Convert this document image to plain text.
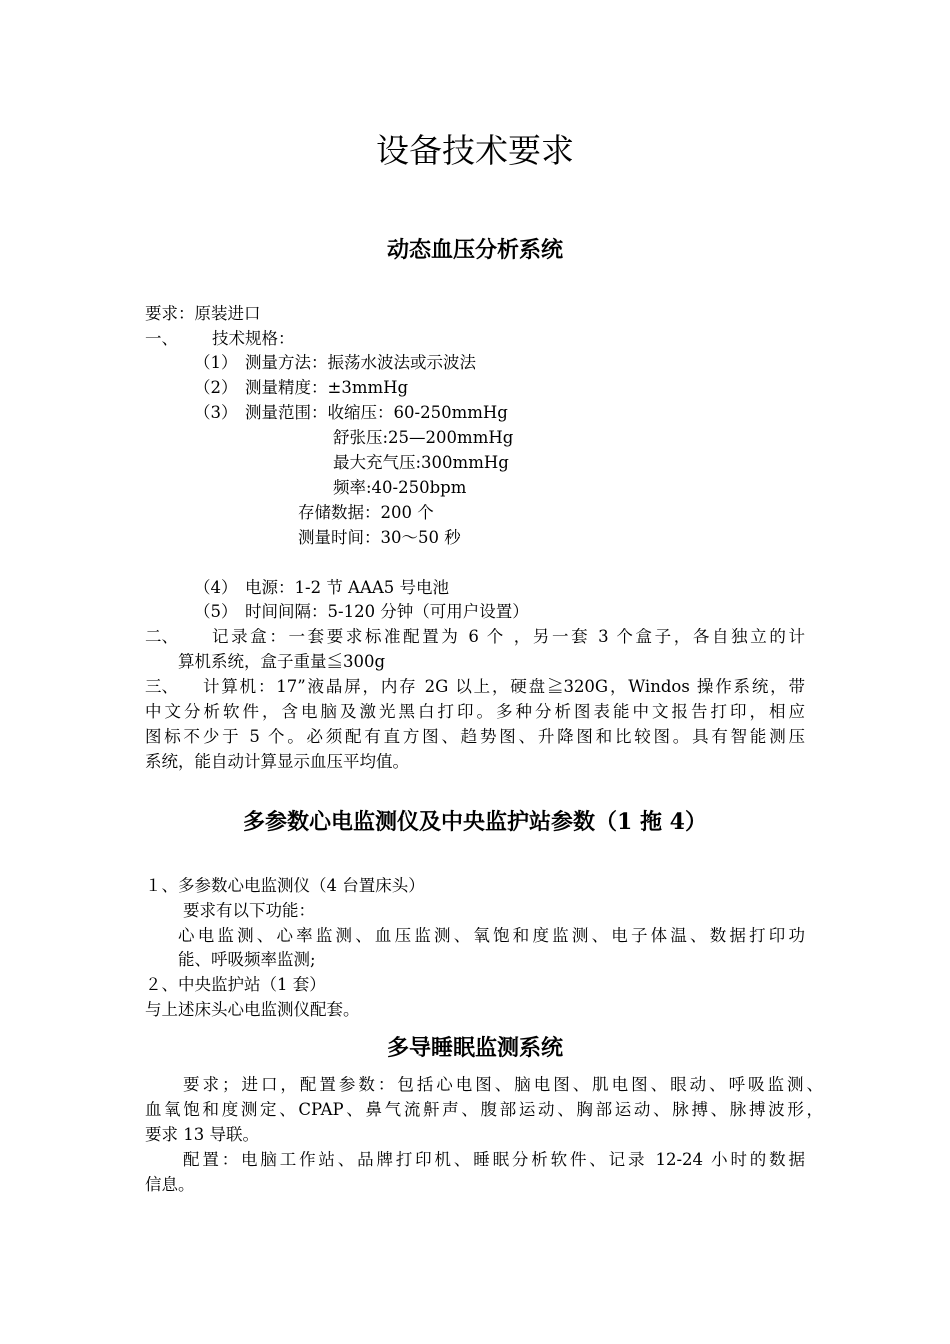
设备技术要求
动态血压分析系统
要求：原装进口
一、 技术规格：
（1） 测量方法：振荡水波法或示波法
（2） 测量精度：±3mmHg
（3） 测量范围：收缩压：60-250mmHg
舒张压:25—200mmHg
最大充气压:300mmHg
频率:40-250bpm
存储数据：200 个
测量时间：30～50 秒
（4） 电源：1-2 节 AAA5 号电池
（5） 时间间隔：5-120 分钟（可用户设置）
二、 记录盒：一套要求标准配置为 6 个 ，另一套 3 个盒子，各自独立的计
算机系统，盒子重量≦300g
三、 计算机：17”液晶屏，内存 2G 以上，硬盘≧320G，Windos 操作系统，带
中文分析软件，含电脑及激光黑白打印。多种分析图表能中文报告打印，相应
图标不少于 5 个。必须配有直方图、趋势图、升降图和比较图。具有智能测压
系统，能自动计算显示血压平均值。
多参数心电监测仪及中央监护站参数（1 拖 4）
１、多参数心电监测仪（4 台置床头）
要求有以下功能：
心电监测、心率监测、血压监测、氧饱和度监测、电子体温、数据打印功
能、呼吸频率监测;
２、中央监护站（1 套）
与上述床头心电监测仪配套。
多导睡眠监测系统
要求；进口，配置参数：包括心电图、脑电图、肌电图、眼动、呼吸监测、
血氧饱和度测定、CPAP、鼻气流鼾声、腹部运动、胸部运动、脉搏、脉搏波形，
要求 13 导联。
配置：电脑工作站、品牌打印机、睡眠分析软件、记录 12-24 小时的数据
信息。
